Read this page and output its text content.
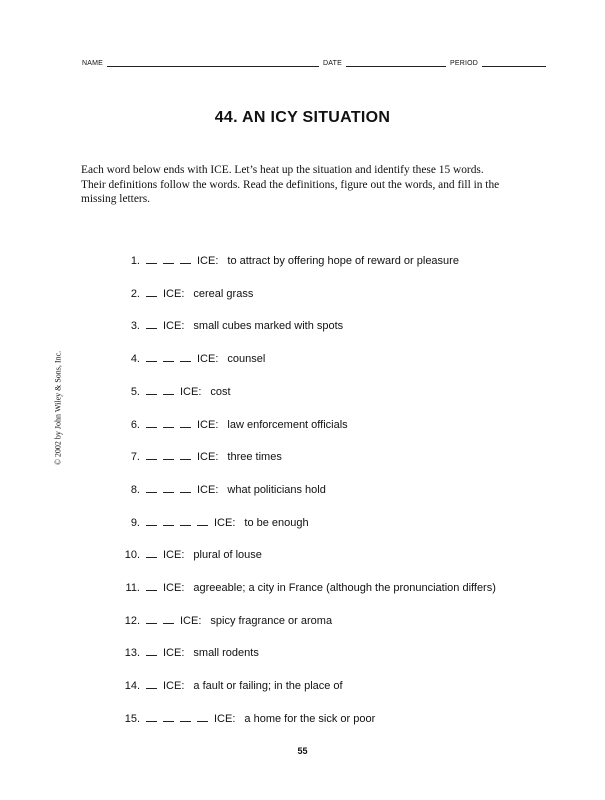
NAME	DATE	PERIOD
44. AN ICY SITUATION

Each word below ends with ICE. Let’s heat up the situation and identify these 15 words.

Their definitions follow the words. Read the definitions, figure out the words, and fill in the

missing letters.

© 2002 by John Wiley & Sons, Inc.
1.	ICE: to attract by offering hope of reward or pleasure
2. ICE: cereal grass
3. ICE: small cubes marked with spots
4.	ICE: counsel
5.	ICE: cost
6.	ICE: law enforcement officials
7.	ICE: three times
8.	ICE: what politicians hold
9.	ICE: to be enough
10. ICE: plural of louse
11. ICE: agreeable; a city in France (although the pronunciation differs)
12.	ICE: spicy fragrance or aroma
13. ICE: small rodents
14. ICE: a fault or failing; in the place of
15.	ICE: a home for the sick or poor
55
